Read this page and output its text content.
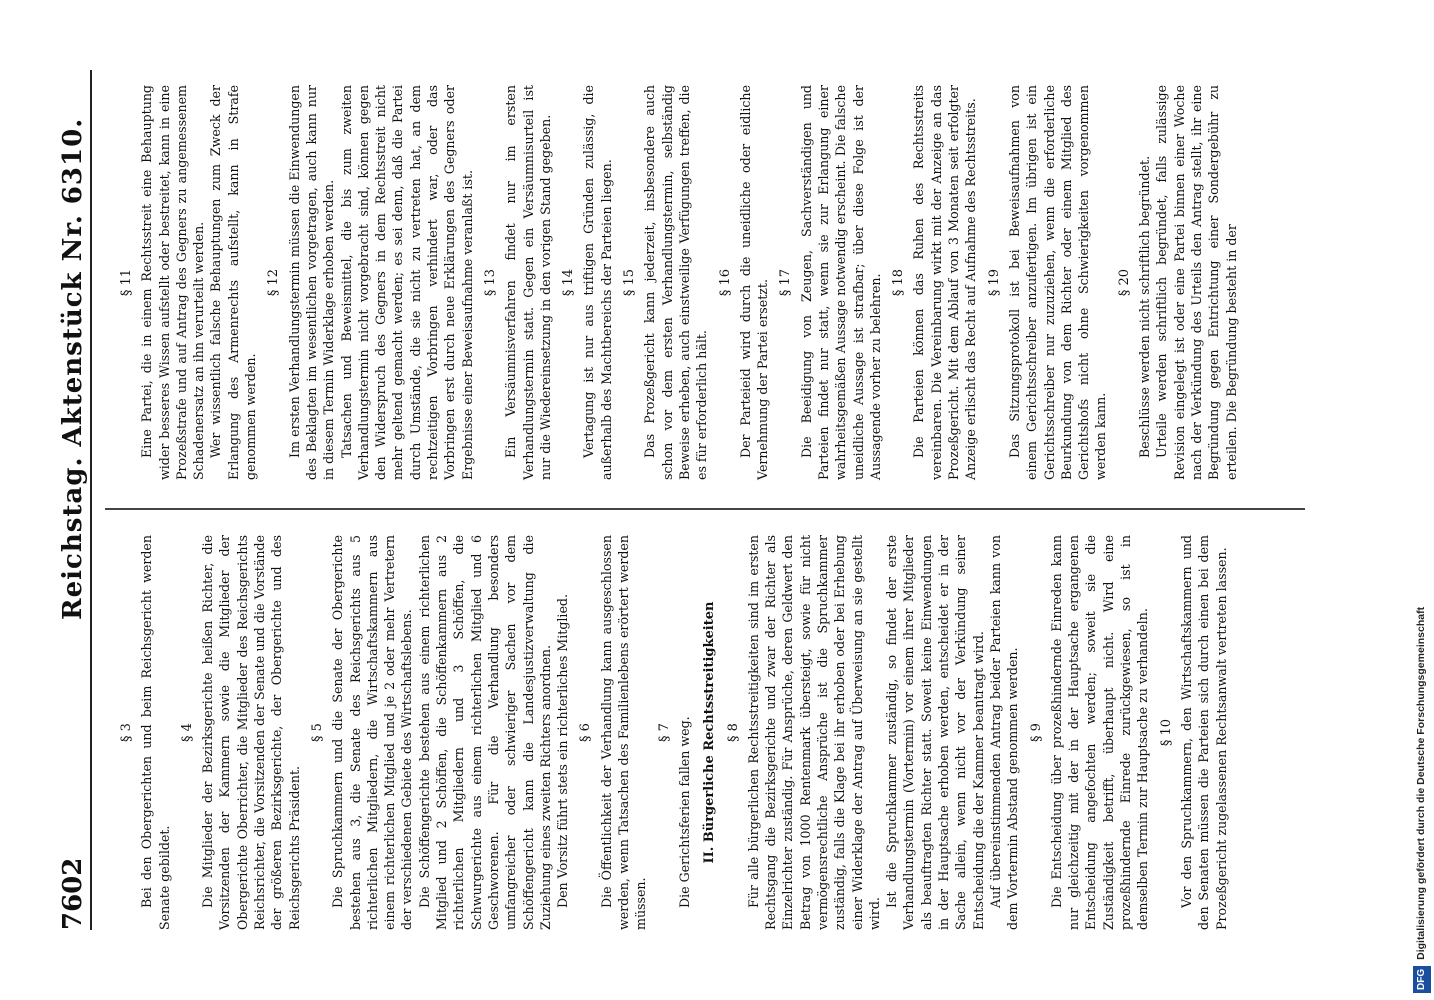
7602
Reichstag. Aktenstück Nr. 6310.
§ 3 Bei den Obergerichten und beim Reichsgericht werden Senate gebildet.
§ 4 Die Mitglieder der Bezirksgerichte heißen Richter, die Vorsitzenden der Kammern sowie die Mitglieder der Obergerichte Oberrichter, die Mitglieder des Reichsgerichts Reichsrichter, die Vorsitzenden der Senate und die Vorstände der größeren Bezirksgerichte, der Obergerichte und des Reichsgerichts Präsident.
§ 5 Die Spruchkammern und die Senate der Obergerichte bestehen aus 3, die Senate des Reichsgerichts aus 5 richterlichen Mitgliedern, die Wirtschaftskammern aus einem richterlichen Mitglied und je 2 oder mehr Vertretern der verschiedenen Gebiete des Wirtschaftslebens. Die Schöffengerichte bestehen aus einem richterlichen Mitglied und 2 Schöffen, die Schöffenkammern aus 2 richterlichen Mitgliedern und 3 Schöffen, die Schwurgerichte aus einem richterlichen Mitglied und 6 Geschworenen. Für die Verhandlung besonders umfangreicher oder schwieriger Sachen vor dem Schöffengericht kann die Landesjustizverwaltung die Zuziehung eines zweiten Richters anordnen. Den Vorsitz führt stets ein richterliches Mitglied. § 6 Die Öffentlichkeit der Verhandlung kann ausgeschlossen werden, wenn Tatsachen des Familienlebens erörtert werden müssen.
§ 7 Die Gerichtsferien fallen weg. II. Bürgerliche Rechtsstreitigkeiten § 8 Für alle bürgerlichen Rechtsstreitigkeiten sind im ersten Rechtsgang die Bezirksgerichte und zwar der Richter als Einzelrichter zuständig. Für Ansprüche, deren Geldwert den Betrag von 1000 Rentenmark übersteigt, sowie für nicht vermögensrechtliche Ansprüche ist die Spruchkammer zuständig, falls die Klage bei ihr erhoben oder bei Erhebung einer Widerklage der Antrag auf Überweisung an sie gestellt wird.
Ist die Spruchkammer zuständig, so findet der erste Verhandlungstermin (Vortermin) vor einem ihrer Mitglieder als beauftragten Richter statt. Soweit keine Einwendungen in der Hauptsache erhoben werden, entscheidet er in der Sache allein, wenn nicht vor der Verkündung seiner Entscheidung die der Kammer beantragt wird. Auf übereinstimmenden Antrag beider Parteien kann von dem Vortermin Abstand genommen werden. § 9 Die Entscheidung über prozeßhindernde Einreden kann nur gleichzeitig mit der in der Hauptsache ergangenen Entscheidung angefochten werden; soweit sie die Zuständigkeit betrifft, überhaupt nicht. Wird eine prozeßhindernde Einrede zurückgewiesen, so ist in demselben Termin zur Hauptsache zu verhandeln. § 10 Vor den Spruchkammern, den Wirtschaftskammern und den Senaten müssen die Parteien sich durch einen bei dem Prozeßgericht zugelassenen Rechtsanwalt vertreten lassen.
§ 11 Eine Partei, die in einem Rechtsstreit eine Behauptung wider besseres Wissen aufstellt oder bestreitet, kann in eine Prozeßstrafe und auf Antrag des Gegners zu angemessenem Schadenersatz an ihn verurteilt werden. Wer wissentlich falsche Behauptungen zum Zweck der Erlangung des Armenrechts aufstellt, kann in Strafe genommen werden.
§ 12 Im ersten Verhandlungstermin müssen die Einwendungen des Beklagten im wesentlichen vorgetragen, auch kann nur in diesem Termin Widerklage erhoben werden. Tatsachen und Beweismittel, die bis zum zweiten Verhandlungstermin nicht vorgebracht sind, können gegen den Widerspruch des Gegners in dem Rechtsstreit nicht mehr geltend gemacht werden; es sei denn, daß die Partei durch Umstände, die sie nicht zu vertreten hat, an dem rechtzeitigen Vorbringen verhindert war, oder das Vorbringen erst durch neue Erklärungen des Gegners oder Ergebnisse einer Beweisaufnahme veranlaßt ist. § 13 Ein Versäumnisverfahren findet nur im ersten Verhandlungstermin statt. Gegen ein Versäumnisurteil ist nur die Wiedereinsetzung in den vorigen Stand gegeben. § 14 Vertagung ist nur aus triftigen Gründen zulässig, die außerhalb des Machtbereichs der Parteien liegen. § 15 Das Prozeßgericht kann jederzeit, insbesondere auch schon vor dem ersten Verhandlungstermin, selbständig Beweise erheben, auch einstweilige Verfügungen treffen, die es für erforderlich hält.
§ 16 Der Parteieid wird durch die uneidliche oder eidliche Vernehmung der Partei ersetzt. § 17 Die Beeidigung von Zeugen, Sachverständigen und Parteien findet nur statt, wenn sie zur Erlangung einer wahrheitsgemäßen Aussage notwendig erscheint. Die falsche uneidliche Aussage ist strafbar; über diese Folge ist der Aussagende vorher zu belehren. § 18 Die Parteien können das Ruhen des Rechtsstreits vereinbaren. Die Vereinbarung wirkt mit der Anzeige an das Prozeßgericht. Mit dem Ablauf von 3 Monaten seit erfolgter Anzeige erlischt das Recht auf Aufnahme des Rechtsstreits. § 19 Das Sitzungsprotokoll ist bei Beweisaufnahmen von einem Gerichtsschreiber anzufertigen. Im übrigen ist ein Gerichtsschreiber nur zuzuziehen, wenn die erforderliche Beurkundung von dem Richter oder einem Mitglied des Gerichtshofs nicht ohne Schwierigkeiten vorgenommen werden kann.
§ 20 Beschlüsse werden nicht schriftlich begründet. Urteile werden schriftlich begründet, falls zulässige Revision eingelegt ist oder eine Partei binnen einer Woche nach der Verkündung des Urteils den Antrag stellt, ihr eine Begründung gegen Entrichtung einer Sondergebühr zu erteilen. Die Begründung besteht in der
DFGDigitalisierung gefördert durch die Deutsche Forschungsgemeinschaft
